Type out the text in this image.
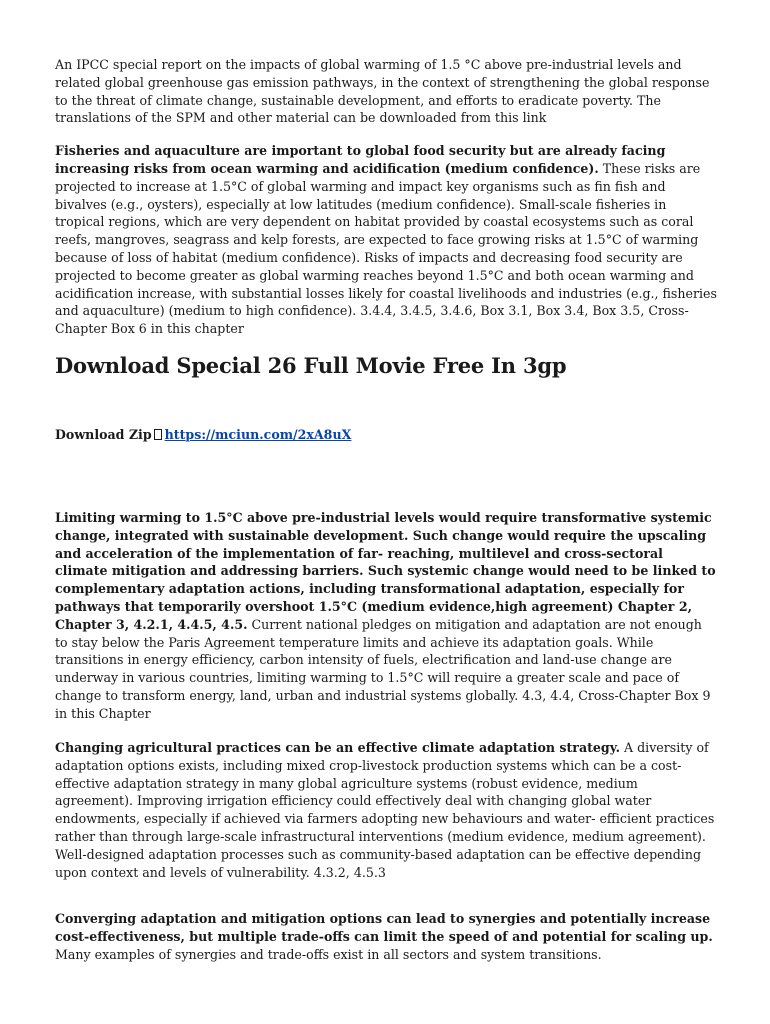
An IPCC special report on the impacts of global warming of 1.5 °C above pre-industrial levels and related global greenhouse gas emission pathways, in the context of strengthening the global response to the threat of climate change, sustainable development, and efforts to eradicate poverty. The translations of the SPM and other material can be downloaded from this link

Fisheries and aquaculture are important to global food security but are already facing increasing risks from ocean warming and acidification (medium confidence). These risks are projected to increase at 1.5°C of global warming and impact key organisms such as fin fish and bivalves (e.g., oysters), especially at low latitudes (medium confidence). Small-scale fisheries in tropical regions, which are very dependent on habitat provided by coastal ecosystems such as coral reefs, mangroves, seagrass and kelp forests, are expected to face growing risks at 1.5°C of warming because of loss of habitat (medium confidence). Risks of impacts and decreasing food security are projected to become greater as global warming reaches beyond 1.5°C and both ocean warming and acidification increase, with substantial losses likely for coastal livelihoods and industries (e.g., fisheries and aquaculture) (medium to high confidence). 3.4.4, 3.4.5, 3.4.6, Box 3.1, Box 3.4, Box 3.5, Cross-Chapter Box 6 in this chapter

Download Special 26 Full Movie Free In 3gp
Download Zip https://mciun.com/2xA8uX

Limiting warming to 1.5°C above pre-industrial levels would require transformative systemic change, integrated with sustainable development. Such change would require the upscaling and acceleration of the implementation of far- reaching, multilevel and cross-sectoral climate mitigation and addressing barriers. Such systemic change would need to be linked to complementary adaptation actions, including transformational adaptation, especially for pathways that temporarily overshoot 1.5°C (medium evidence,high agreement) Chapter 2, Chapter 3, 4.2.1, 4.4.5, 4.5. Current national pledges on mitigation and adaptation are not enough to stay below the Paris Agreement temperature limits and achieve its adaptation goals. While transitions in energy efficiency, carbon intensity of fuels, electrification and land-use change are underway in various countries, limiting warming to 1.5°C will require a greater scale and pace of change to transform energy, land, urban and industrial systems globally. 4.3, 4.4, Cross-Chapter Box 9 in this Chapter

Changing agricultural practices can be an effective climate adaptation strategy. A diversity of adaptation options exists, including mixed crop-livestock production systems which can be a cost-effective adaptation strategy in many global agriculture systems (robust evidence, medium agreement). Improving irrigation efficiency could effectively deal with changing global water endowments, especially if achieved via farmers adopting new behaviours and water- efficient practices rather than through large-scale infrastructural interventions (medium evidence, medium agreement). Well-designed adaptation processes such as community-based adaptation can be effective depending upon context and levels of vulnerability. 4.3.2, 4.5.3

Converging adaptation and mitigation options can lead to synergies and potentially increase cost-effectiveness, but multiple trade-offs can limit the speed of and potential for scaling up. Many examples of synergies and trade-offs exist in all sectors and system transitions.
